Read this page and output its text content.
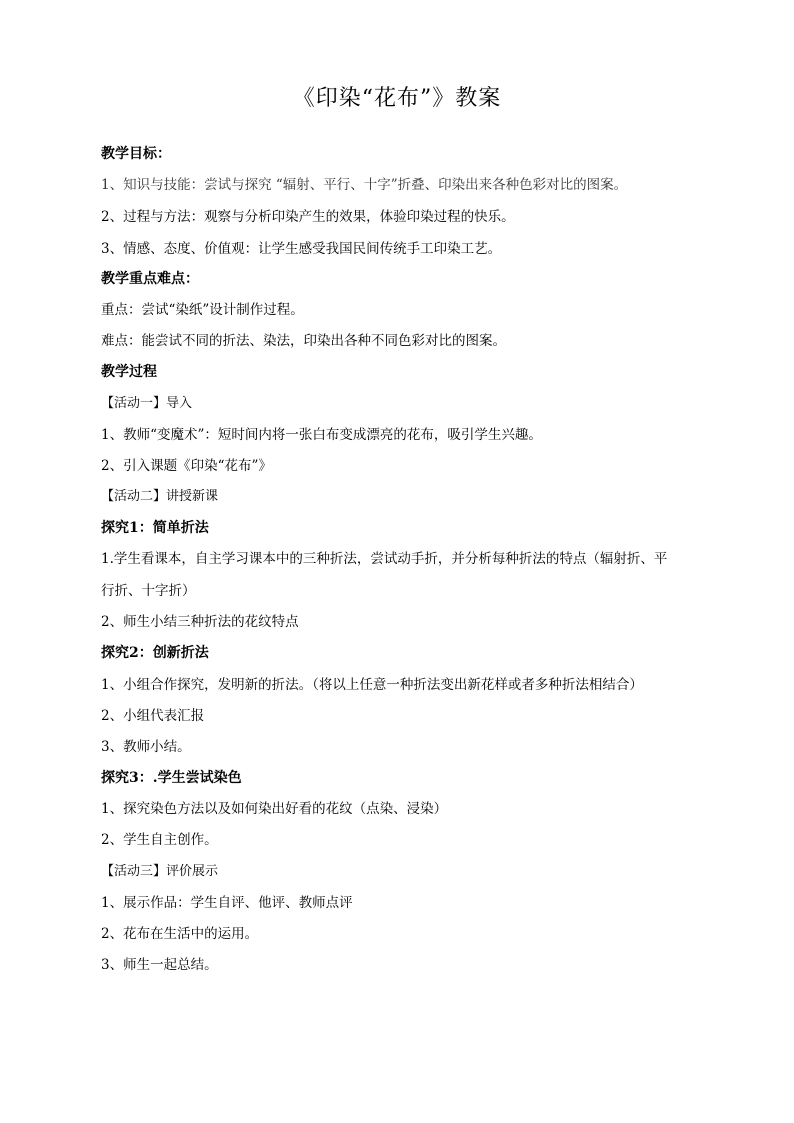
《印染“花布”》教案
教学目标：
1、知识与技能：尝试与探究 “辐射、平行、十字”折叠、印染出来各种色彩对比的图案。
2、过程与方法：观察与分析印染产生的效果，体验印染过程的快乐。
3、情感、态度、价值观：让学生感受我国民间传统手工印染工艺。
教学重点难点：
重点：尝试“染纸”设计制作过程。
难点：能尝试不同的折法、染法，印染出各种不同色彩对比的图案。
教学过程
【活动一】导入
1、教师“变魔术”：短时间内将一张白布变成漂亮的花布，吸引学生兴趣。
2、引入课题《印染“花布”》
【活动二】讲授新课
探究1：简单折法
1.学生看课本，自主学习课本中的三种折法，尝试动手折，并分析每种折法的特点（辐射折、平
行折、十字折）
2、师生小结三种折法的花纹特点
探究2：创新折法
1、小组合作探究，发明新的折法。（将以上任意一种折法变出新花样或者多种折法相结合）
2、小组代表汇报
3、教师小结。
探究3：.学生尝试染色
1、探究染色方法以及如何染出好看的花纹（点染、浸染）
2、学生自主创作。
【活动三】评价展示
1、展示作品：学生自评、他评、教师点评
2、花布在生活中的运用。
3、师生一起总结。
